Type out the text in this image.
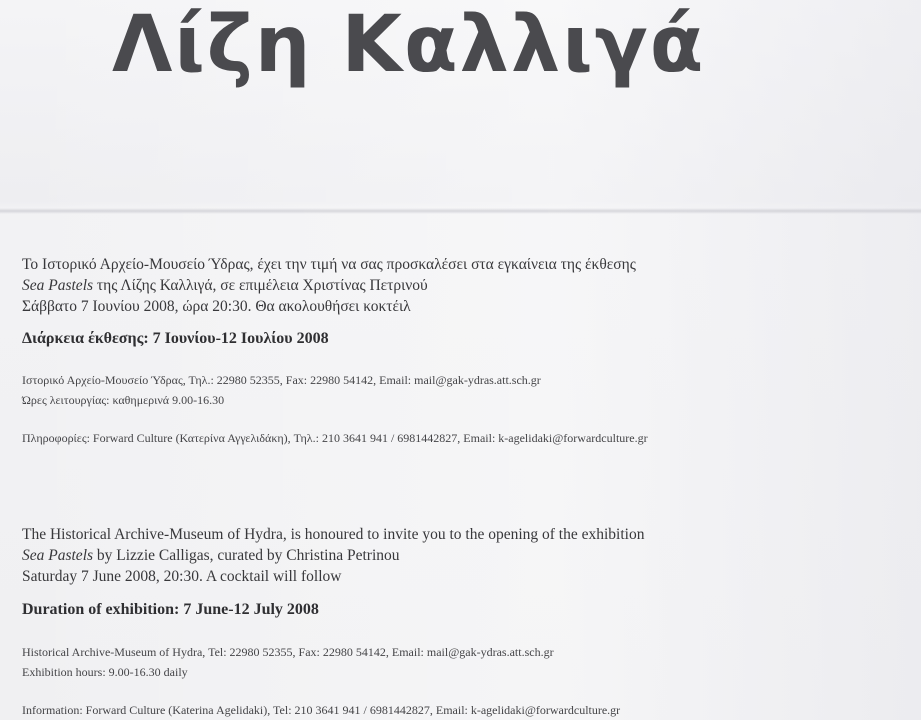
Λίζη Καλλιγά
Το Ιστορικό Αρχείο-Μουσείο Ύδρας, έχει την τιμή να σας προσκαλέσει στα εγκαίνεια της έκθεσης
Sea Pastels της Λίζης Καλλιγά, σε επιμέλεια Χριστίνας Πετρινού
Σάββατο 7 Ιουνίου 2008, ώρα 20:30. Θα ακολουθήσει κοκτέιλ
Διάρκεια έκθεσης: 7 Ιουνίου-12 Ιουλίου 2008
Ιστορικό Αρχείο-Μουσείο Ύδρας, Τηλ.: 22980 52355, Fax: 22980 54142, Email: mail@gak-ydras.att.sch.gr
Ώρες λειτουργίας: καθημερινά 9.00-16.30
Πληροφορίες: Forward Culture (Κατερίνα Αγγελιδάκη), Τηλ.: 210 3641 941 / 6981442827, Email: k-agelidaki@forwardculture.gr
The Historical Archive-Museum of Hydra, is honoured to invite you to the opening of the exhibition
Sea Pastels by Lizzie Calligas, curated by Christina Petrinou
Saturday 7 June 2008, 20:30. A cocktail will follow
Duration of exhibition: 7 June-12 July 2008
Historical Archive-Museum of Hydra, Tel: 22980 52355, Fax: 22980 54142, Email: mail@gak-ydras.att.sch.gr
Exhibition hours: 9.00-16.30 daily
Information: Forward Culture (Katerina Agelidaki), Tel: 210 3641 941 / 6981442827, Email: k-agelidaki@forwardculture.gr
